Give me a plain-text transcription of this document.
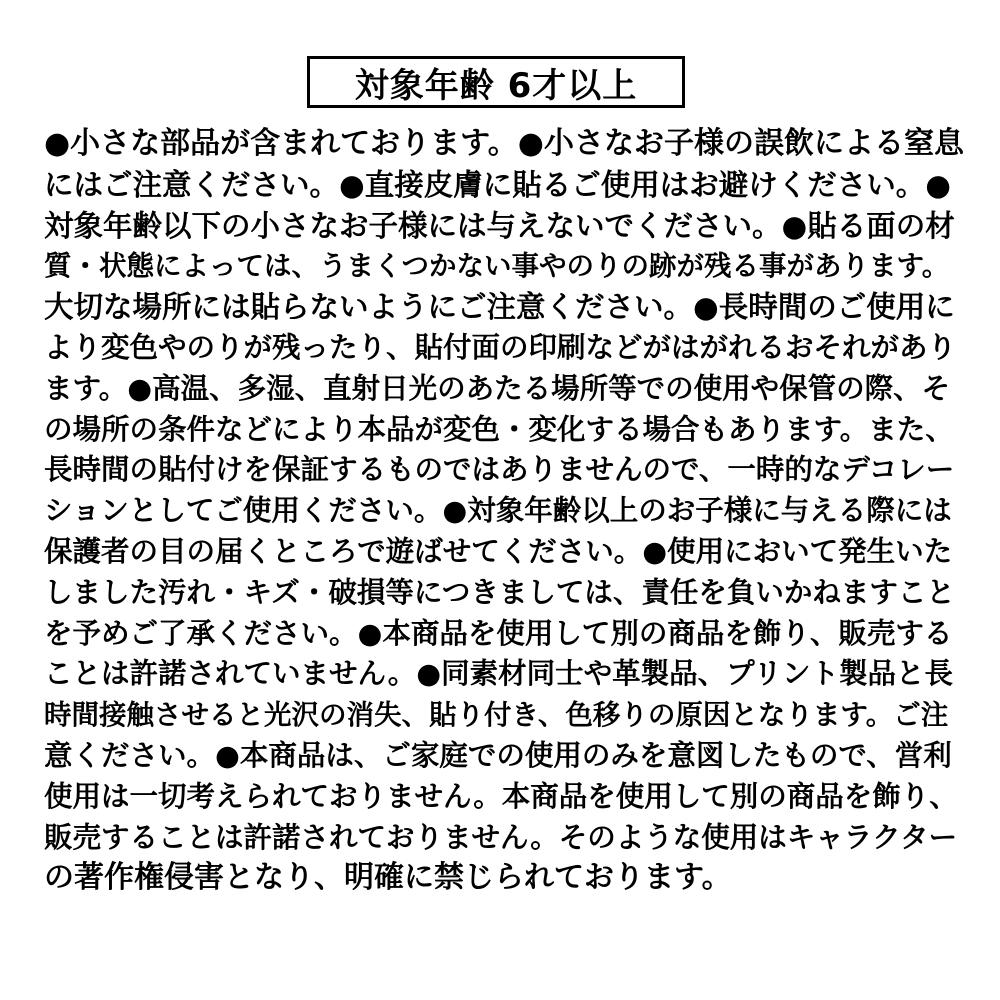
対象年齢 6才以上
●小さな部品が含まれております。●小さなお子様の誤飲による窒息
にはご注意ください。●直接皮膚に貼るご使用はお避けください。●
対象年齢以下の小さなお子様には与えないでください。●貼る面の材
質・状態によっては、うまくつかない事やのりの跡が残る事があります。
大切な場所には貼らないようにご注意ください。●長時間のご使用に
より変色やのりが残ったり、貼付面の印刷などがはがれるおそれがあり
ます。●高温、多湿、直射日光のあたる場所等での使用や保管の際、そ
の場所の条件などにより本品が変色・変化する場合もあります。また、
長時間の貼付けを保証するものではありませんので、一時的なデコレー
ションとしてご使用ください。●対象年齢以上のお子様に与える際には
保護者の目の届くところで遊ばせてください。●使用において発生いた
しました汚れ・キズ・破損等につきましては、責任を負いかねますこと
を予めご了承ください。●本商品を使用して別の商品を飾り、販売する
ことは許諾されていません。●同素材同士や革製品、プリント製品と長
時間接触させると光沢の消失、貼り付き、色移りの原因となります。ご注
意ください。●本商品は、ご家庭での使用のみを意図したもので、営利
使用は一切考えられておりません。本商品を使用して別の商品を飾り、
販売することは許諾されておりません。そのような使用はキャラクター
の著作権侵害となり、明確に禁じられております。
